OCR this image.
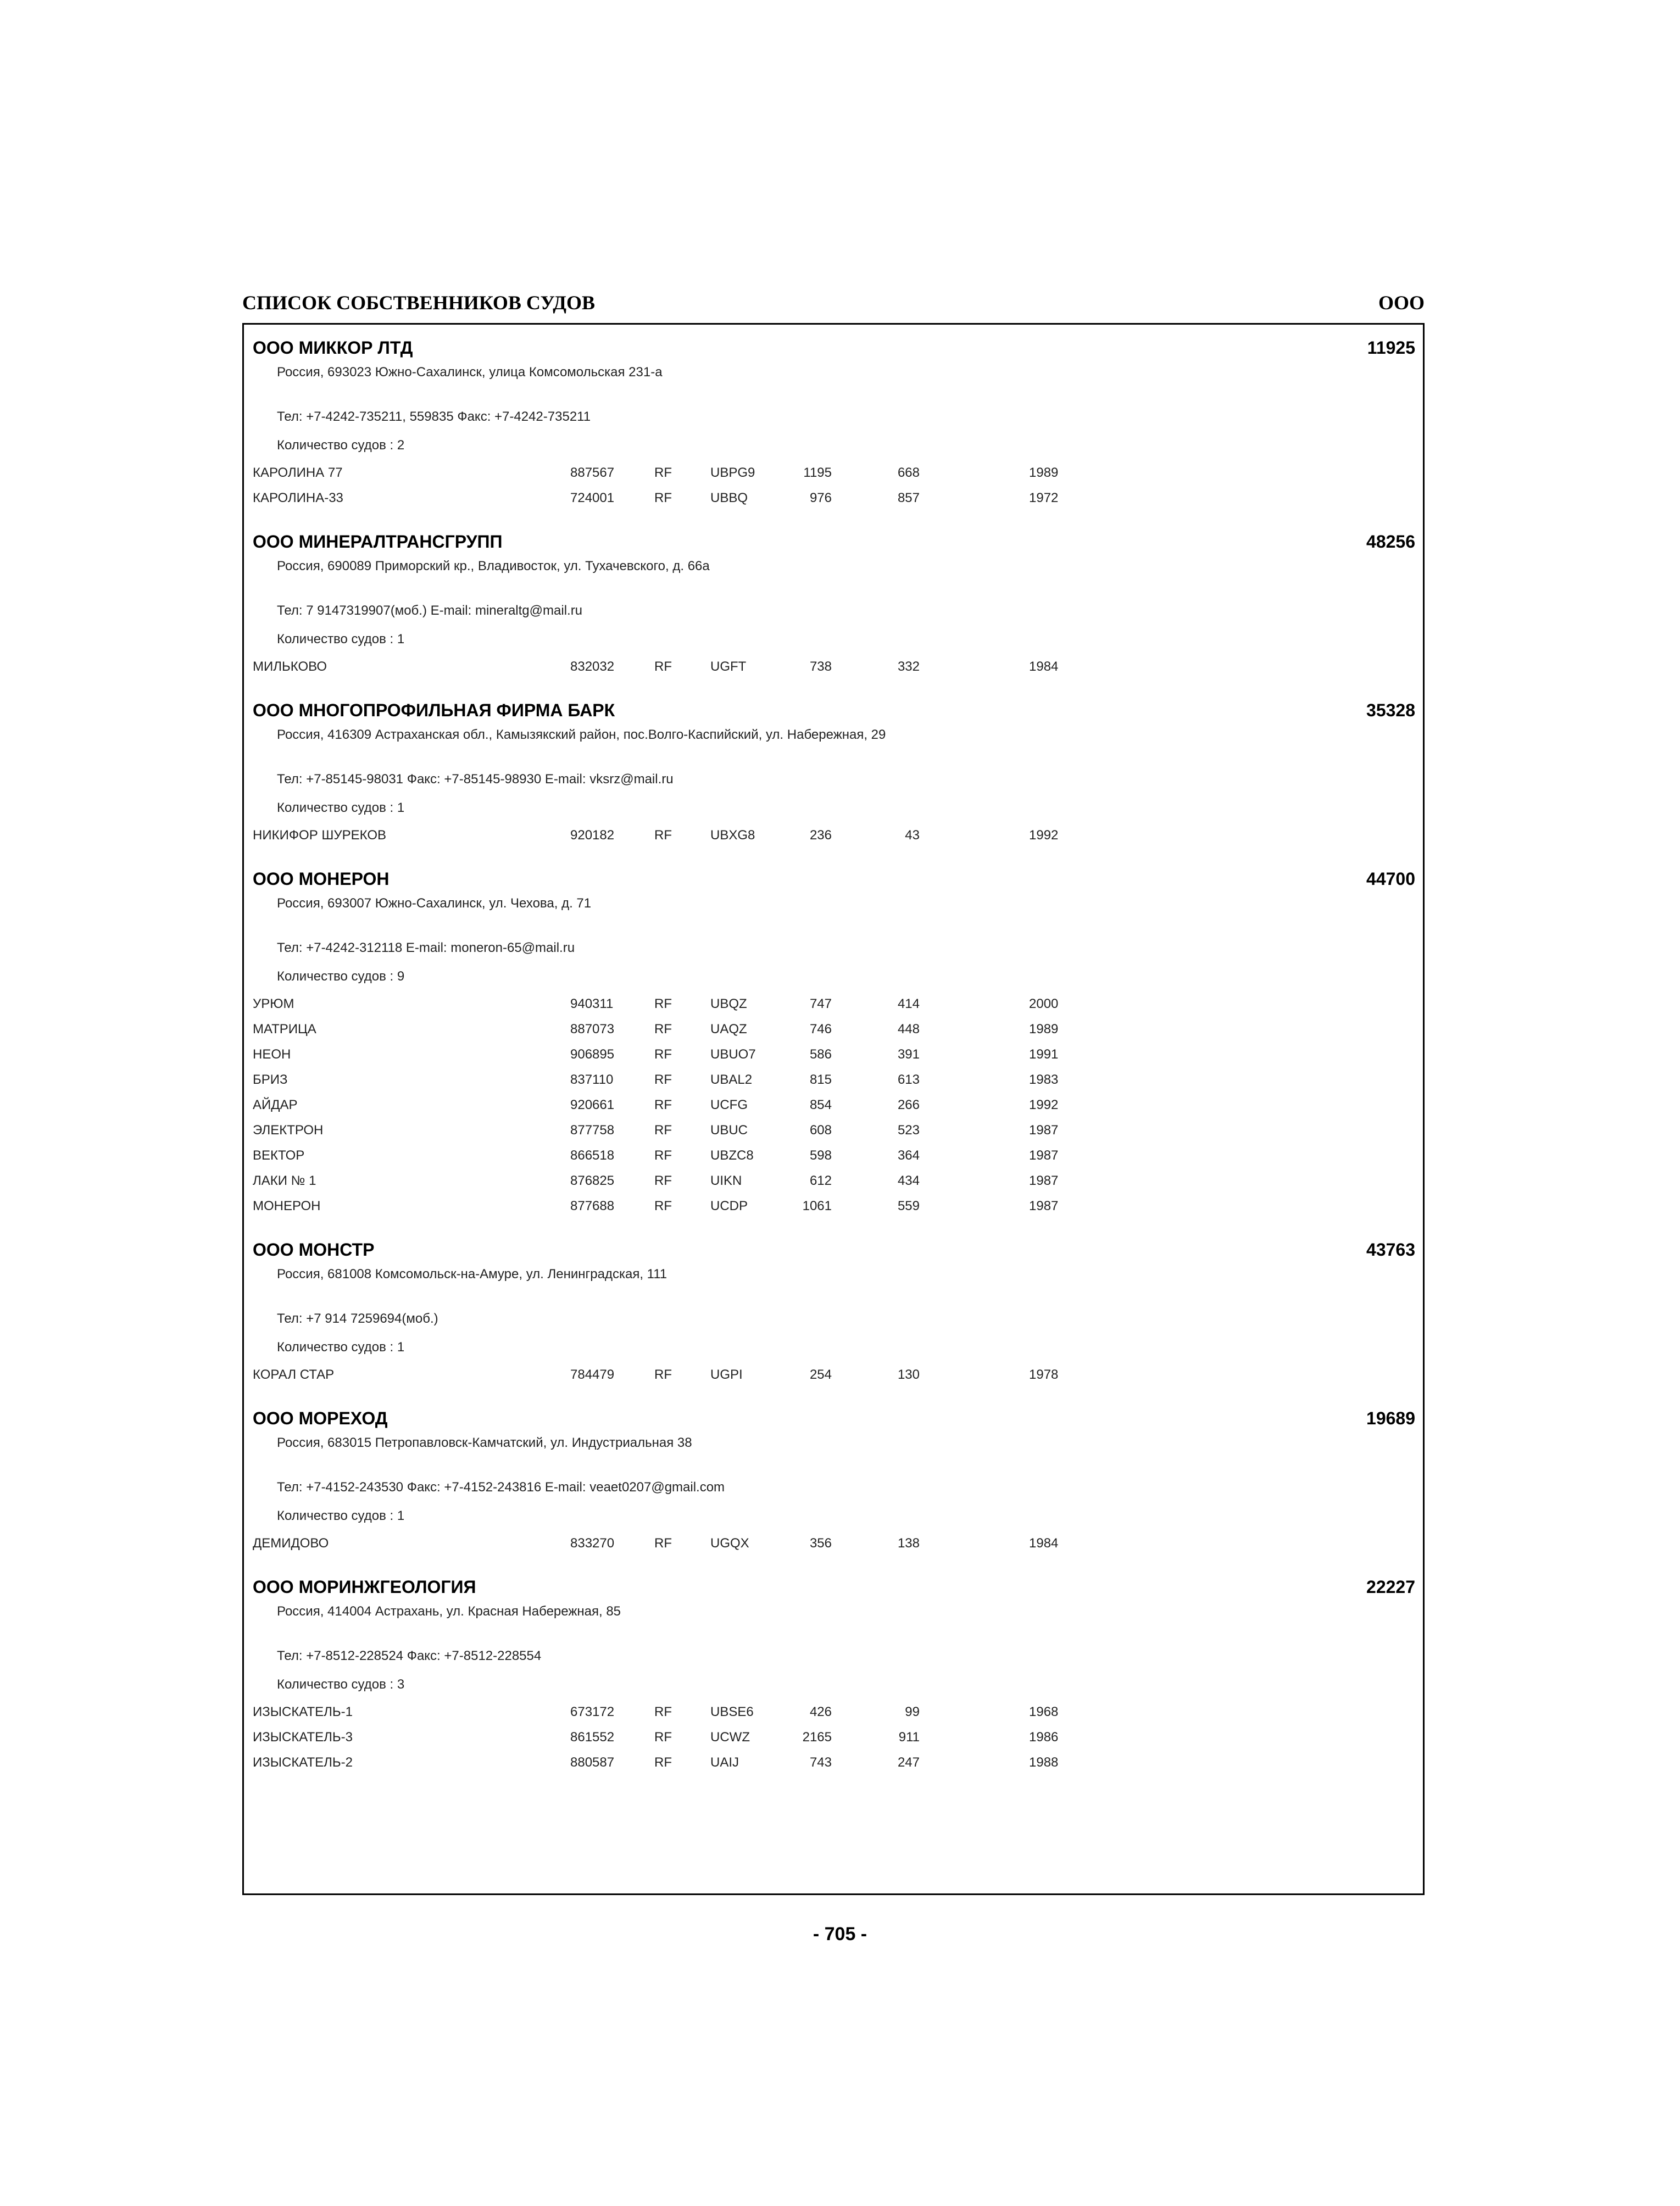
СПИСОК СОБСТВЕННИКОВ СУДОВ	ООО
ООО МИККОР ЛТД	11925
Россия, 693023 Южно-Сахалинск, улица Комсомольская 231-а
Тел: +7-4242-735211, 559835 Факс: +7-4242-735211
Количество судов : 2
КАРОЛИНА 77	887567	RF	UBPG9	1195	668	1989
КАРОЛИНА-33	724001	RF	UBBQ	976	857	1972
ООО МИНЕРАЛТРАНСГРУПП	48256
Россия, 690089 Приморский кр., Владивосток, ул. Тухачевского, д. 66а
Тел: 7 9147319907(моб.) E-mail: mineraltg@mail.ru
Количество судов : 1
МИЛЬКОВО	832032	RF	UGFT	738	332	1984
ООО МНОГОПРОФИЛЬНАЯ ФИРМА БАРК	35328
Россия, 416309 Астраханская обл., Камызякский район, пос.Волго-Каспийский, ул. Набережная, 29
Тел: +7-85145-98031 Факс: +7-85145-98930 E-mail: vksrz@mail.ru
Количество судов : 1
НИКИФОР ШУРЕКОВ	920182	RF	UBXG8	236	43	1992
ООО МОНЕРОН	44700
Россия, 693007 Южно-Сахалинск, ул. Чехова, д. 71
Тел: +7-4242-312118 E-mail: moneron-65@mail.ru
Количество судов : 9
УРЮМ	940311	RF	UBQZ	747	414	2000
МАТРИЦА	887073	RF	UAQZ	746	448	1989
НЕОН	906895	RF	UBUO7	586	391	1991
БРИЗ	837110	RF	UBAL2	815	613	1983
АЙДАР	920661	RF	UCFG	854	266	1992
ЭЛЕКТРОН	877758	RF	UBUC	608	523	1987
ВЕКТОР	866518	RF	UBZC8	598	364	1987
ЛАКИ № 1	876825	RF	UIKN	612	434	1987
МОНЕРОН	877688	RF	UCDP	1061	559	1987
ООО МОНСТР	43763
Россия, 681008 Комсомольск-на-Амуре, ул. Ленинградская, 111
Тел: +7 914 7259694(моб.)
Количество судов : 1
КОРАЛ СТАР	784479	RF	UGPI	254	130	1978
ООО МОРЕХОД	19689
Россия, 683015 Петропавловск-Камчатский, ул. Индустриальная 38
Тел: +7-4152-243530 Факс: +7-4152-243816 E-mail: veaet0207@gmail.com
Количество судов : 1
ДЕМИДОВО	833270	RF	UGQX	356	138	1984
ООО МОРИНЖГЕОЛОГИЯ	22227
Россия, 414004 Астрахань, ул. Красная Набережная, 85
Тел: +7-8512-228524 Факс: +7-8512-228554
Количество судов : 3
ИЗЫСКАТЕЛЬ-1	673172	RF	UBSE6	426	99	1968
ИЗЫСКАТЕЛЬ-3	861552	RF	UCWZ	2165	911	1986
ИЗЫСКАТЕЛЬ-2	880587	RF	UAIJ	743	247	1988
- 705 -
